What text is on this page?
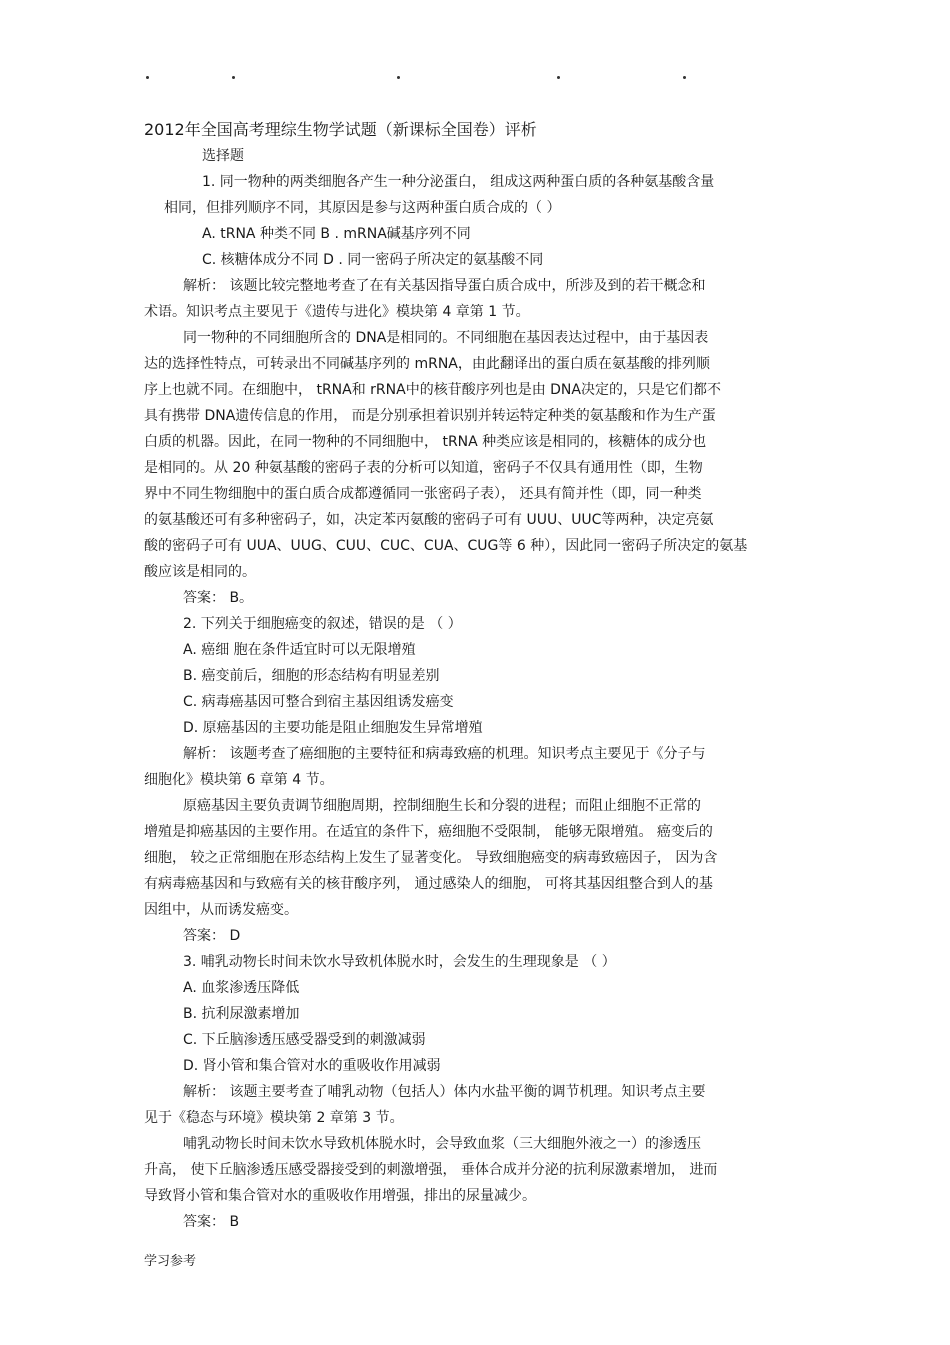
2012年全国高考理综生物学试题（新课标全国卷）评析

选择题

1. 同一物种的两类细胞各产生一种分泌蛋白， 组成这两种蛋白质的各种氨基酸含量

相同，但排列顺序不同，其原因是参与这两种蛋白质合成的（ ）

A. tRNA 种类不同 B . mRNA碱基序列不同

C. 核糖体成分不同 D . 同一密码子所决定的氨基酸不同

解析： 该题比较完整地考查了在有关基因指导蛋白质合成中，所涉及到的若干概念和

术语。知识考点主要见于《遗传与进化》模块第 4 章第 1 节。

同一物种的不同细胞所含的 DNA是相同的。不同细胞在基因表达过程中，由于基因表

达的选择性特点，可转录出不同碱基序列的 mRNA，由此翻译出的蛋白质在氨基酸的排列顺

序上也就不同。在细胞中， tRNA和 rRNA中的核苷酸序列也是由 DNA决定的，只是它们都不

具有携带 DNA遗传信息的作用， 而是分别承担着识别并转运特定种类的氨基酸和作为生产蛋

白质的机器。因此，在同一物种的不同细胞中， tRNA 种类应该是相同的，核糖体的成分也

是相同的。从 20 种氨基酸的密码子表的分析可以知道，密码子不仅具有通用性（即，生物

界中不同生物细胞中的蛋白质合成都遵循同一张密码子表）， 还具有简并性（即，同一种类

的氨基酸还可有多种密码子，如，决定苯丙氨酸的密码子可有 UUU、UUC等两种，决定亮氨

酸的密码子可有 UUA、UUG、CUU、CUC、CUA、CUG等 6 种），因此同一密码子所决定的氨基

酸应该是相同的。

答案： B。

2. 下列关于细胞癌变的叙述，错误的是 （ ）

A. 癌细 胞在条件适宜时可以无限增殖

B. 癌变前后，细胞的形态结构有明显差别

C. 病毒癌基因可整合到宿主基因组诱发癌变

D. 原癌基因的主要功能是阻止细胞发生异常增殖

解析： 该题考查了癌细胞的主要特征和病毒致癌的机理。知识考点主要见于《分子与

细胞化》模块第 6 章第 4 节。

原癌基因主要负责调节细胞周期，控制细胞生长和分裂的进程；而阻止细胞不正常的

增殖是抑癌基因的主要作用。在适宜的条件下，癌细胞不受限制， 能够无限增殖。 癌变后的

细胞， 较之正常细胞在形态结构上发生了显著变化。 导致细胞癌变的病毒致癌因子， 因为含

有病毒癌基因和与致癌有关的核苷酸序列， 通过感染人的细胞， 可将其基因组整合到人的基

因组中，从而诱发癌变。

答案： D

3. 哺乳动物长时间未饮水导致机体脱水时，会发生的生理现象是 （ ）

A. 血浆渗透压降低

B. 抗利尿激素增加

C. 下丘脑渗透压感受器受到的刺激减弱

D. 肾小管和集合管对水的重吸收作用减弱

解析： 该题主要考查了哺乳动物（包括人）体内水盐平衡的调节机理。知识考点主要

见于《稳态与环境》模块第 2 章第 3 节。

哺乳动物长时间未饮水导致机体脱水时，会导致血浆（三大细胞外液之一）的渗透压

升高， 使下丘脑渗透压感受器接受到的刺激增强， 垂体合成并分泌的抗利尿激素增加， 进而

导致肾小管和集合管对水的重吸收作用增强，排出的尿量减少。

答案： B

学习参考
